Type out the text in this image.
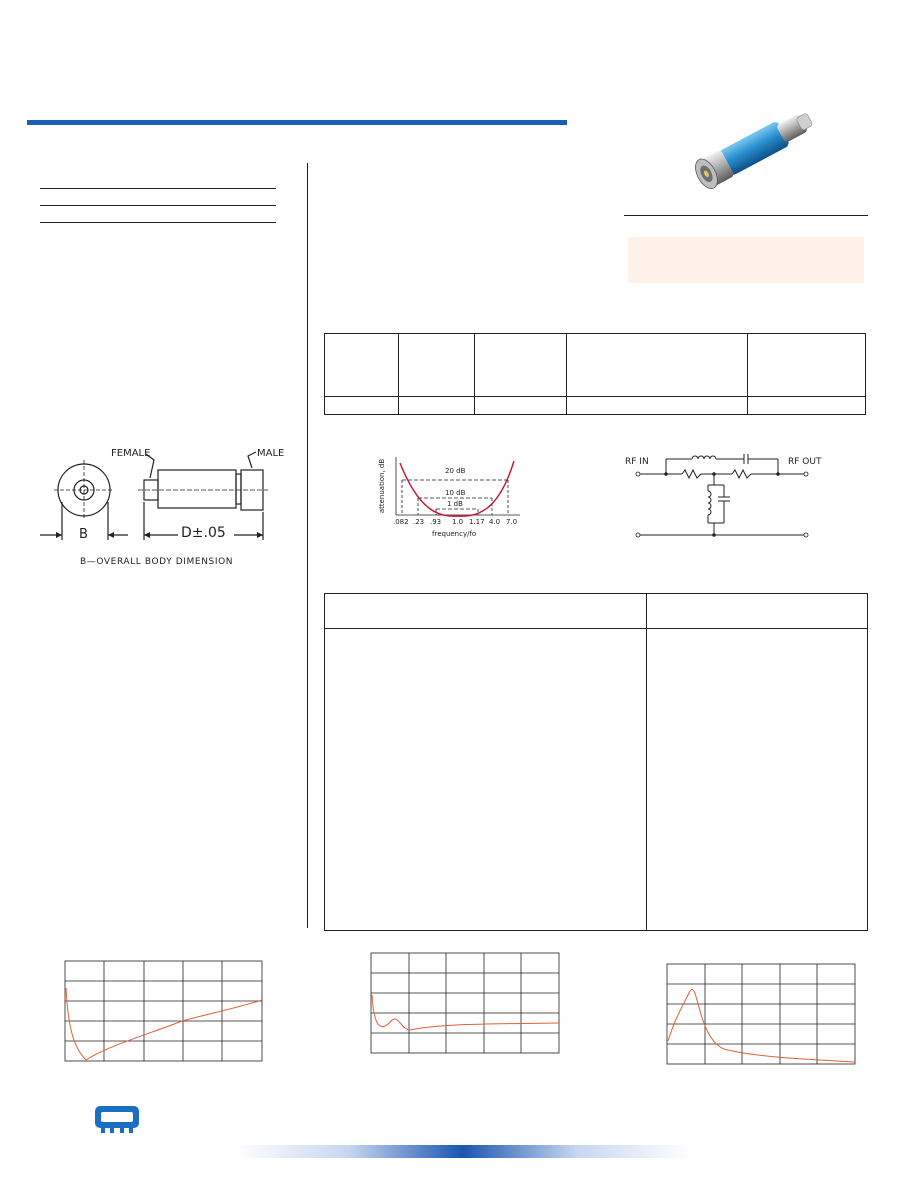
FEMALE	MALE
B	D±.05
B—OVERALL BODY DIMENSION
20 dB
10 dB
1 dB
attenuation, dB
frequency/fo
.082 .23 .93 1.0 1.17 4.0 7.0
RF IN	RF OUT
